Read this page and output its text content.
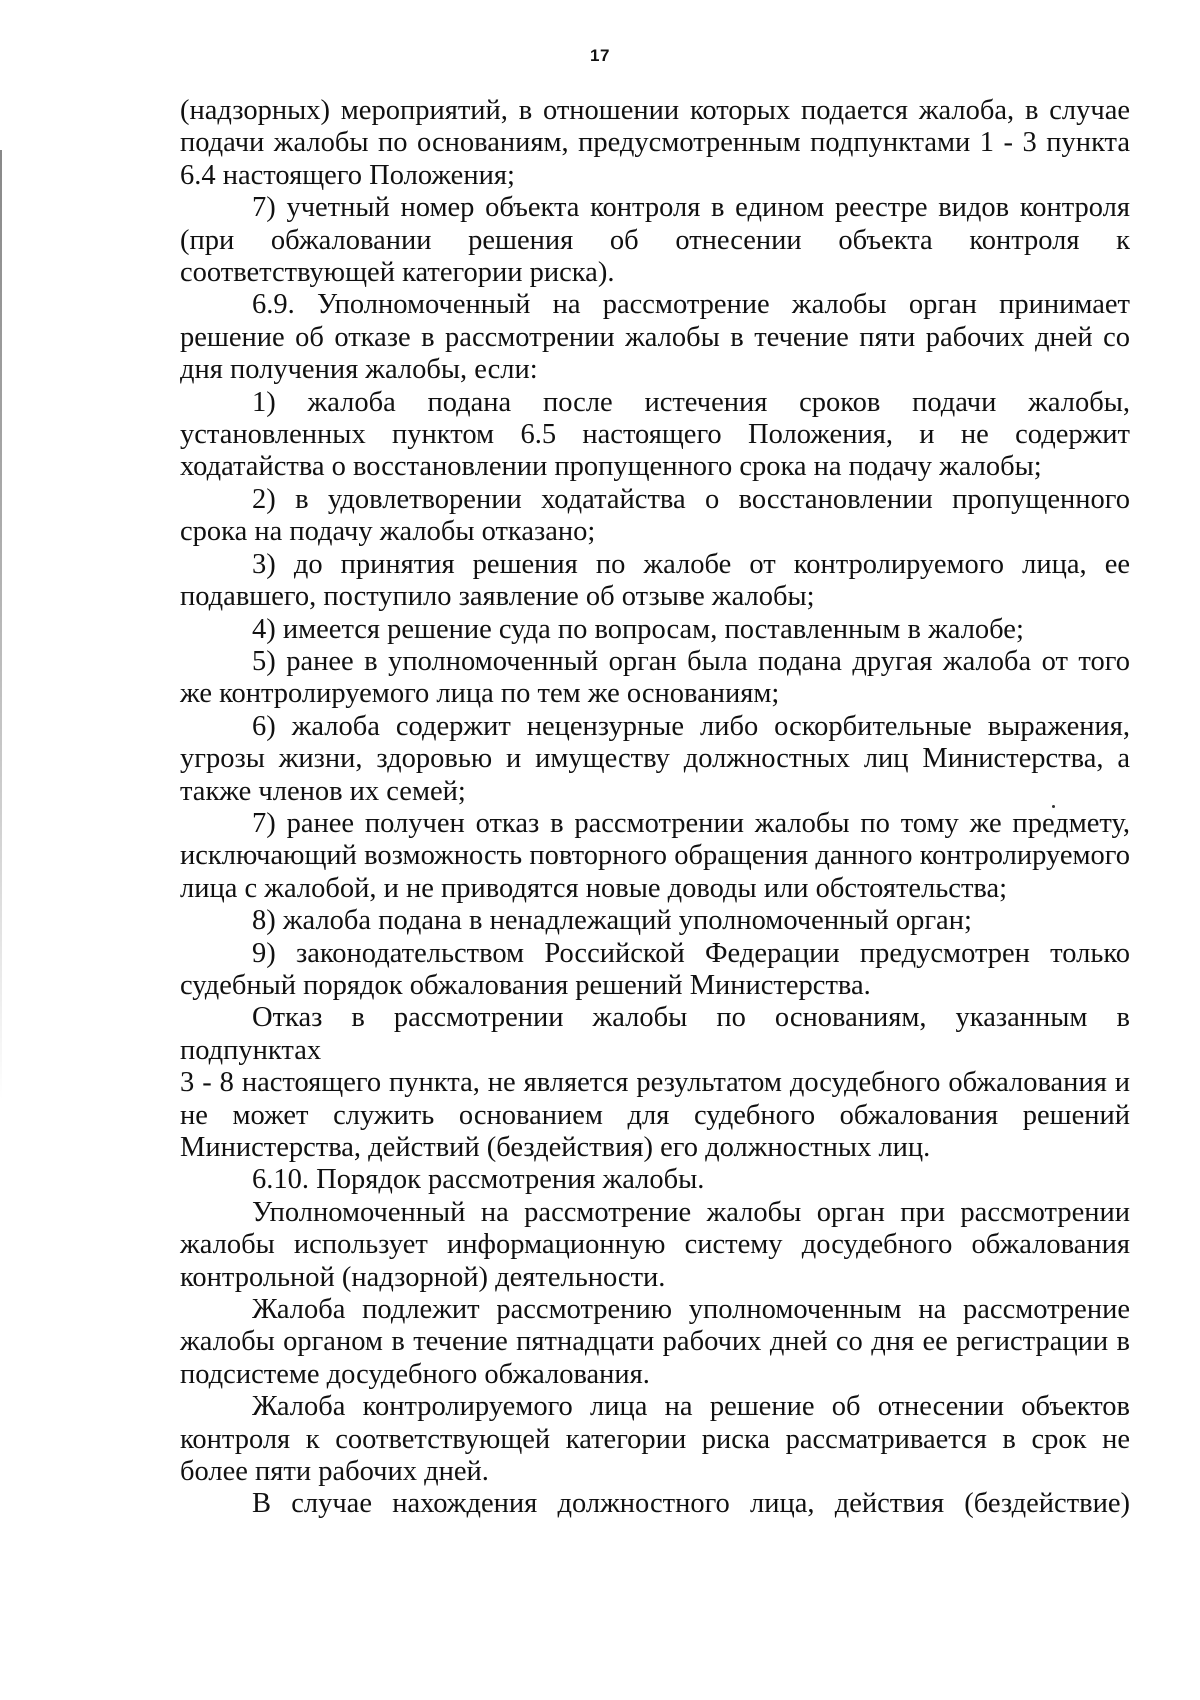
17

(надзорных) мероприятий, в отношении которых подается жалоба, в случае подачи жалобы по основаниям, предусмотренным подпунктами 1 - 3 пункта 6.4 настоящего Положения;

7) учетный номер объекта контроля в едином реестре видов контроля (при обжаловании решения об отнесении объекта контроля к соответствующей категории риска).

6.9. Уполномоченный на рассмотрение жалобы орган принимает решение об отказе в рассмотрении жалобы в течение пяти рабочих дней со дня получения жалобы, если:

1) жалоба подана после истечения сроков подачи жалобы, установленных пунктом 6.5 настоящего Положения, и не содержит ходатайства о восстановлении пропущенного срока на подачу жалобы;

2) в удовлетворении ходатайства о восстановлении пропущенного срока на подачу жалобы отказано;

3) до принятия решения по жалобе от контролируемого лица, ее подавшего, поступило заявление об отзыве жалобы;

4) имеется решение суда по вопросам, поставленным в жалобе;

5) ранее в уполномоченный орган была подана другая жалоба от того же контролируемого лица по тем же основаниям;

6) жалоба содержит нецензурные либо оскорбительные выражения, угрозы жизни, здоровью и имуществу должностных лиц Министерства, а также членов их семей;

7) ранее получен отказ в рассмотрении жалобы по тому же предмету, исключающий возможность повторного обращения данного контролируемого лица с жалобой, и не приводятся новые доводы или обстоятельства;

8) жалоба подана в ненадлежащий уполномоченный орган;

9) законодательством Российской Федерации предусмотрен только судебный порядок обжалования решений Министерства.

Отказ в рассмотрении жалобы по основаниям, указанным в

подпунктах

3 - 8 настоящего пункта, не является результатом досудебного обжалования и не может служить основанием для судебного обжалования решений Министерства, действий (бездействия) его должностных лиц.

6.10. Порядок рассмотрения жалобы.

Уполномоченный на рассмотрение жалобы орган при рассмотрении жалобы использует информационную систему досудебного обжалования контрольной (надзорной) деятельности.

Жалоба подлежит рассмотрению уполномоченным на рассмотрение жалобы органом в течение пятнадцати рабочих дней со дня ее регистрации в подсистеме досудебного обжалования.

Жалоба контролируемого лица на решение об отнесении объектов контроля к соответствующей категории риска рассматривается в срок не более пяти рабочих дней.

В случае нахождения должностного лица, действия (бездействие)
